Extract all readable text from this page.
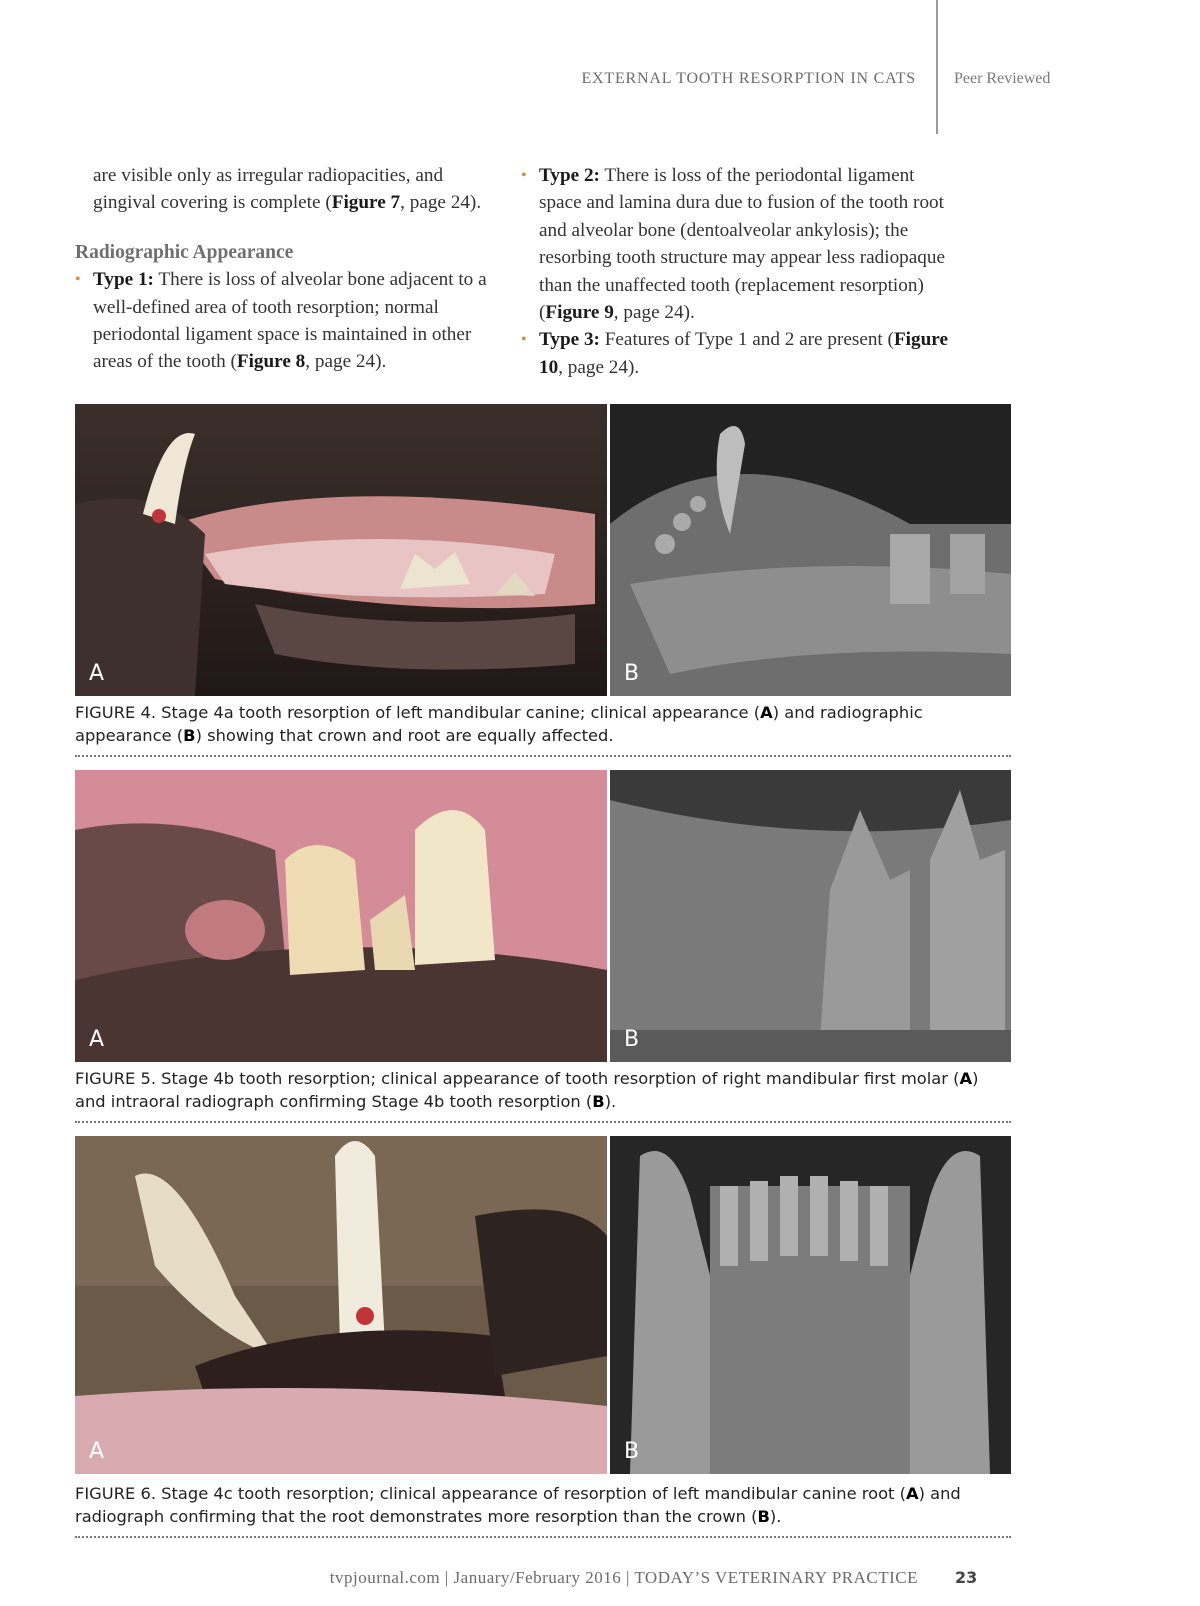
EXTERNAL TOOTH RESORPTION IN CATS Peer Reviewed

are visible only as irregular radiopacities, and gingival covering is complete (Figure 7, page 24).

Radiographic Appearance
• Type 1: There is loss of alveolar bone adjacent to a well-defined area of tooth resorption; normal periodontal ligament space is maintained in other areas of the tooth (Figure 8, page 24).
• Type 2: There is loss of the periodontal ligament space and lamina dura due to fusion of the tooth root and alveolar bone (dentoalveolar ankylosis); the resorbing tooth structure may appear less radiopaque than the unaffected tooth (replacement resorption) (Figure 9, page 24).
• Type 3: Features of Type 1 and 2 are present (Figure 10, page 24).
A	B
FIGURE 4. Stage 4a tooth resorption of left mandibular canine; clinical appearance (A) and radiographic appearance (B) showing that crown and root are equally affected.
A	B
FIGURE 5. Stage 4b tooth resorption; clinical appearance of tooth resorption of right mandibular first molar (A) and intraoral radiograph confirming Stage 4b tooth resorption (B).
A	B
FIGURE 6. Stage 4c tooth resorption; clinical appearance of resorption of left mandibular canine root (A) and radiograph confirming that the root demonstrates more resorption than the crown (B).
tvpjournal.com | January/February 2016 | TODAY’S VETERINARY PRACTICE 23
